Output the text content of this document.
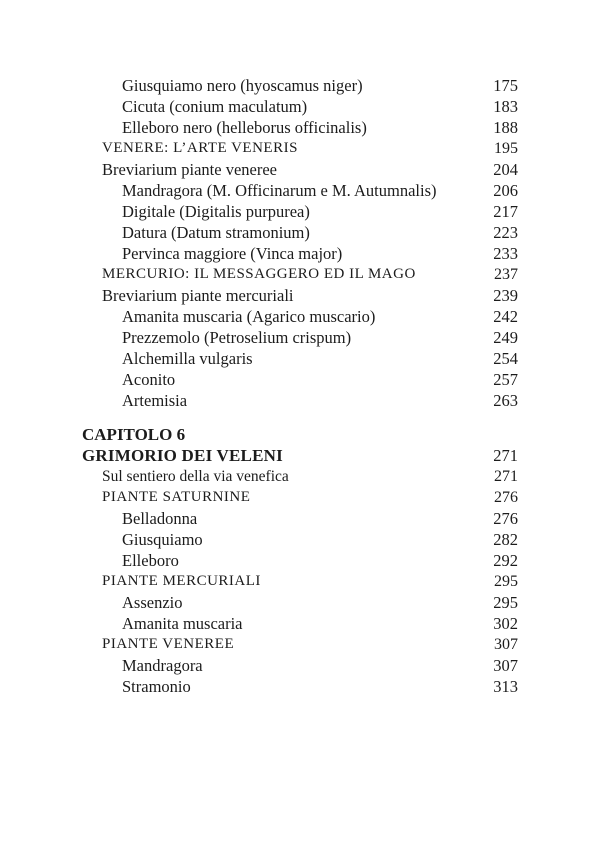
Giusquiamo nero (hyoscamus niger)	175
Cicuta (conium maculatum)	183
Elleboro nero (helleborus officinalis)	188
VENERE: L’ARTE VENERIS	195
Breviarium piante veneree	204
Mandragora (M. Officinarum e M. Autumnalis)	206
Digitale (Digitalis purpurea)	217
Datura (Datum stramonium)	223
Pervinca maggiore (Vinca major)	233
MERCURIO: IL MESSAGGERO ED IL MAGO	237
Breviarium piante mercuriali	239
Amanita muscaria (Agarico muscario)	242
Prezzemolo (Petroselium crispum)	249
Alchemilla vulgaris	254
Aconito	257
Artemisia	263
CAPITOLO 6
GRIMORIO DEI VELENI	271
Sul sentiero della via venefica	271
PIANTE SATURNINE	276
Belladonna	276
Giusquiamo	282
Elleboro	292
PIANTE MERCURIALI	295
Assenzio	295
Amanita muscaria	302
PIANTE VENEREE	307
Mandragora	307
Stramonio	313
